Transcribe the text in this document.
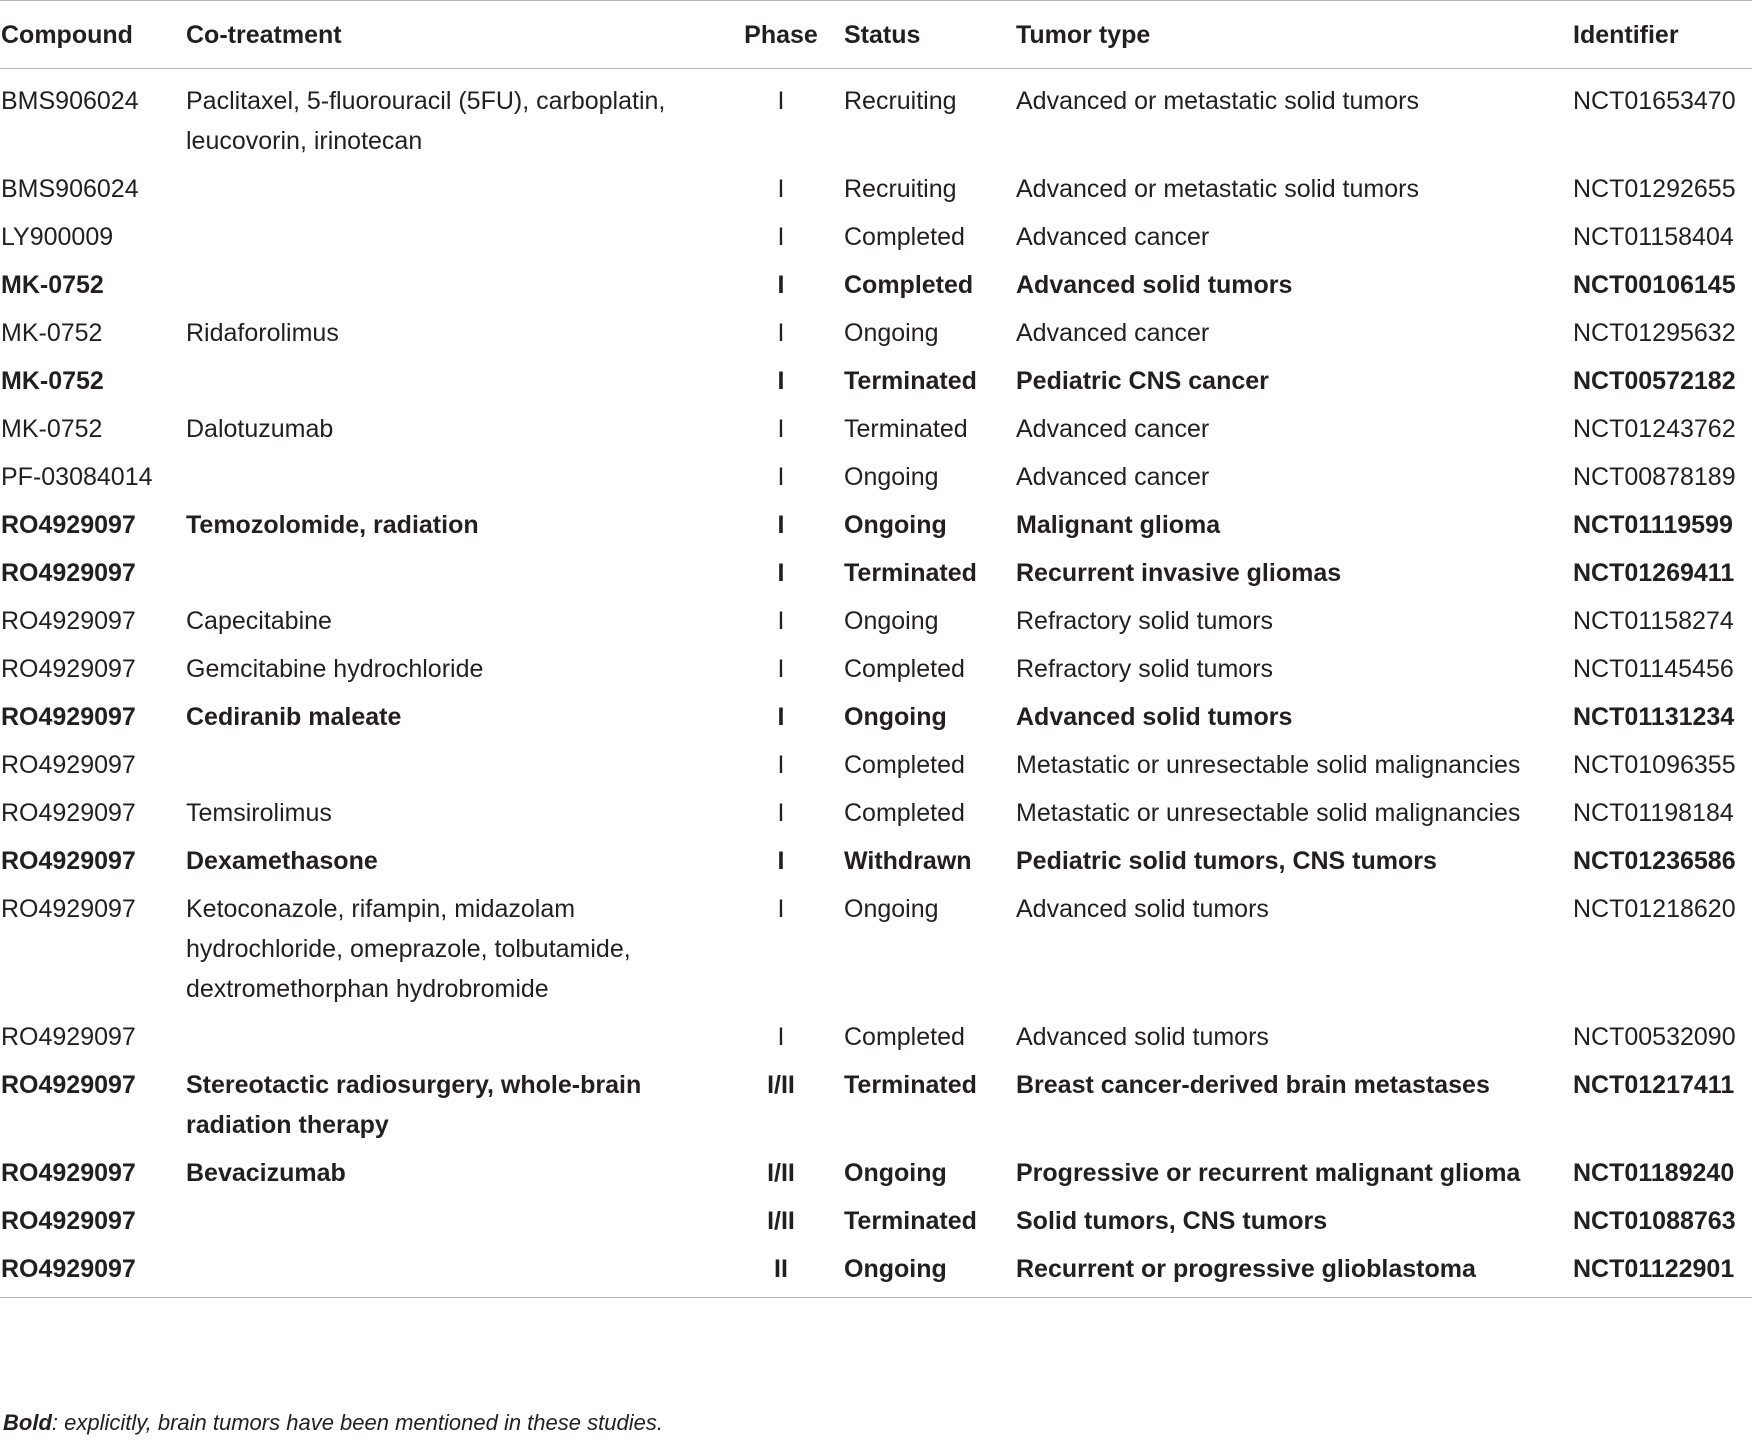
Compound	Co-treatment	Phase	Status	Tumor type	Identifier
BMS906024	Paclitaxel, 5-fluorouracil (5FU), carboplatin, leucovorin, irinotecan	I	Recruiting	Advanced or metastatic solid tumors	NCT01653470
BMS906024		I	Recruiting	Advanced or metastatic solid tumors	NCT01292655
LY900009		I	Completed	Advanced cancer	NCT01158404
MK-0752		I	Completed	Advanced solid tumors	NCT00106145
MK-0752	Ridaforolimus	I	Ongoing	Advanced cancer	NCT01295632
MK-0752		I	Terminated	Pediatric CNS cancer	NCT00572182
MK-0752	Dalotuzumab	I	Terminated	Advanced cancer	NCT01243762
PF-03084014		I	Ongoing	Advanced cancer	NCT00878189
RO4929097	Temozolomide, radiation	I	Ongoing	Malignant glioma	NCT01119599
RO4929097		I	Terminated	Recurrent invasive gliomas	NCT01269411
RO4929097	Capecitabine	I	Ongoing	Refractory solid tumors	NCT01158274
RO4929097	Gemcitabine hydrochloride	I	Completed	Refractory solid tumors	NCT01145456
RO4929097	Cediranib maleate	I	Ongoing	Advanced solid tumors	NCT01131234
RO4929097		I	Completed	Metastatic or unresectable solid malignancies	NCT01096355
RO4929097	Temsirolimus	I	Completed	Metastatic or unresectable solid malignancies	NCT01198184
RO4929097	Dexamethasone	I	Withdrawn	Pediatric solid tumors, CNS tumors	NCT01236586
RO4929097	Ketoconazole, rifampin, midazolam hydrochloride, omeprazole, tolbutamide, dextromethorphan hydrobromide	I	Ongoing	Advanced solid tumors	NCT01218620
RO4929097		I	Completed	Advanced solid tumors	NCT00532090
RO4929097	Stereotactic radiosurgery, whole-brain radiation therapy	I/II	Terminated	Breast cancer-derived brain metastases	NCT01217411
RO4929097	Bevacizumab	I/II	Ongoing	Progressive or recurrent malignant glioma	NCT01189240
RO4929097		I/II	Terminated	Solid tumors, CNS tumors	NCT01088763
RO4929097		II	Ongoing	Recurrent or progressive glioblastoma	NCT01122901
Bold: explicitly, brain tumors have been mentioned in these studies.
